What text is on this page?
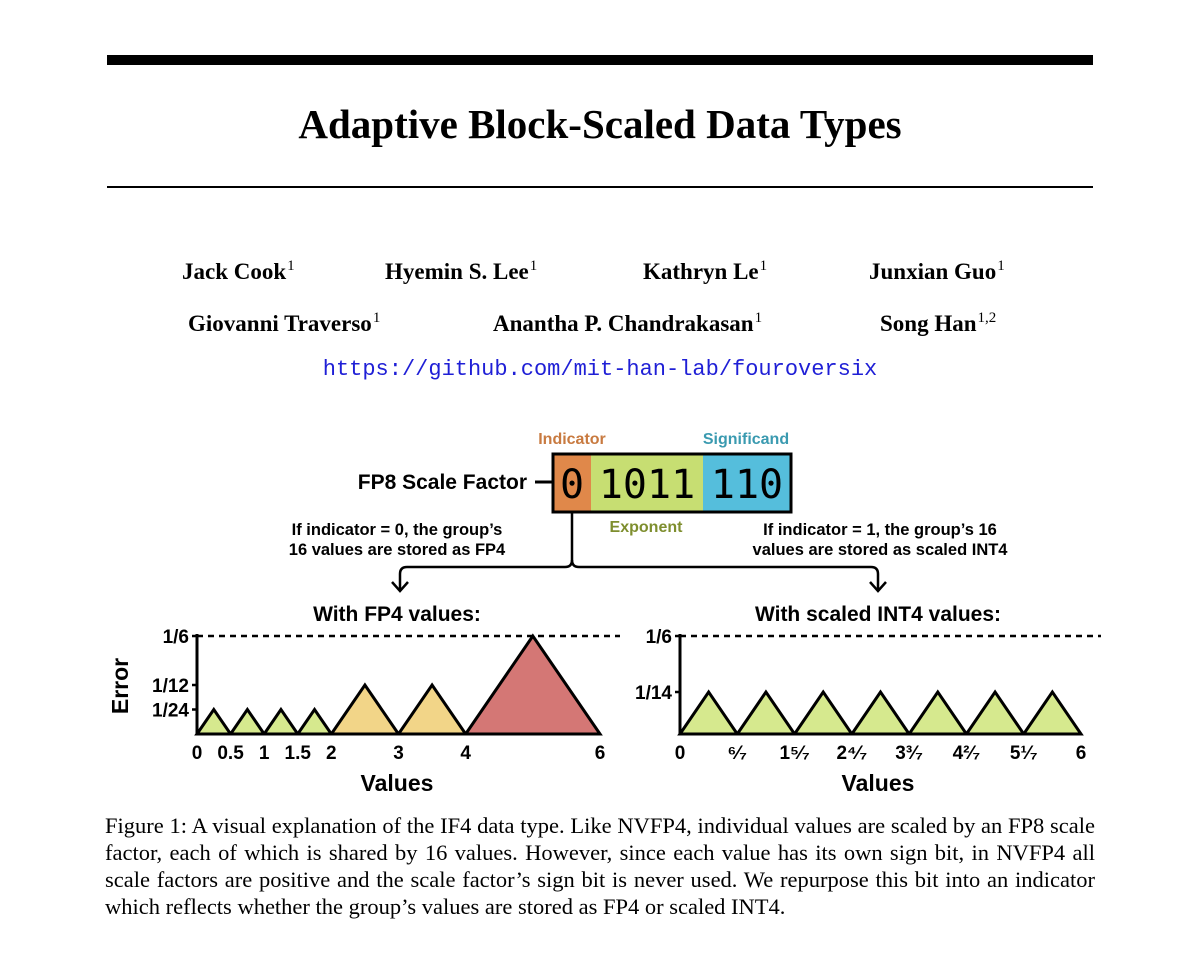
Adaptive Block-Scaled Data Types
Jack Cook$^1$	Hyemin S. Lee$^1$	Kathryn Le$^1$	Junxian Guo$^1$
Giovanni Traverso$^1$	Anantha P. Chandrakasan$^1$	Song Han$^{1,2}$
https://github.com/mit-han-lab/fouroversix
Indicator	Significand
Exponent
FP8 Scale Factor 0 1011 110
If indicator = 0, the group’s
16 values are stored as FP4
If indicator = 1, the group’s 16
values are stored as scaled INT4
Error
With FP4 values:
1/24
1/12
1/6
0 0.5 1 1.5 2	3	4	6
Values
With scaled INT4 values:
1/14
1/6
0 ⁶⁄₇ 1⁵⁄₇ 2⁴⁄₇ 3³⁄₇ 4²⁄₇ 5¹⁄₇ 6
Values
Figure 1: A visual explanation of the IF4 data type. Like NVFP4, individual values are scaled by an FP8 scale factor, each of which is shared by 16 values. However, since each value has its own sign bit, in NVFP4 all scale factors are positive and the scale factor’s sign bit is never used. We repurpose this bit into an indicator which reflects whether the group’s values are stored as FP4 or scaled INT4.
